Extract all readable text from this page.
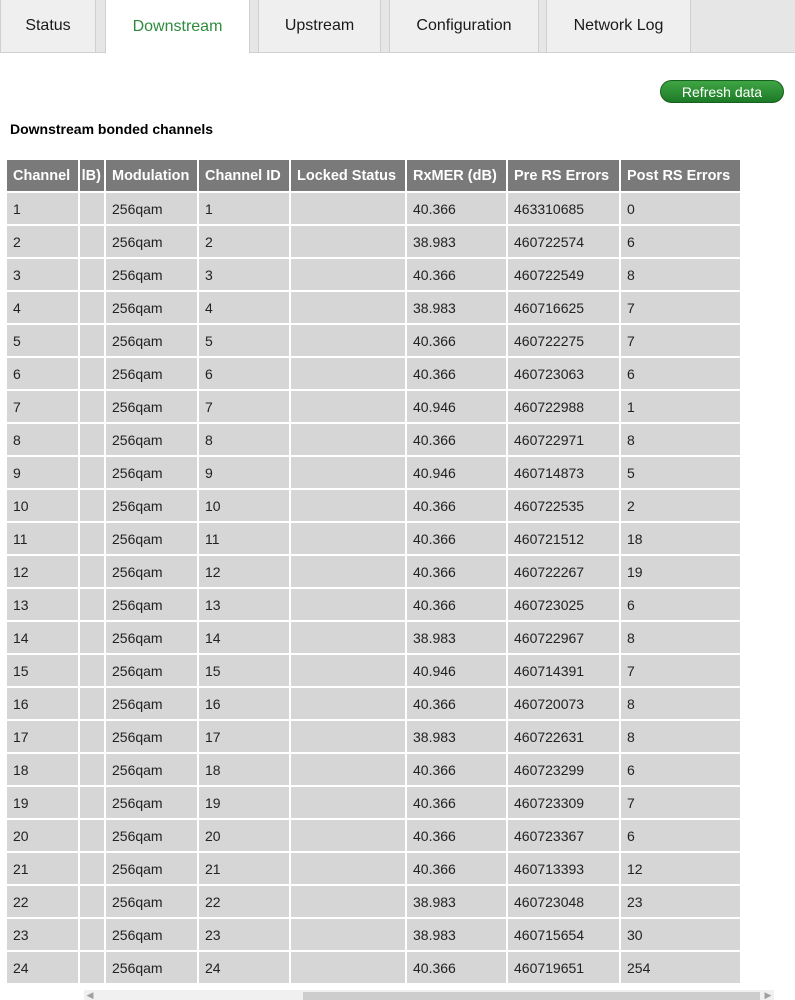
Status	Downstream	Upstream	Configuration	Network Log
Refresh data
Downstream bonded channels
Channel	lB)	Modulation	Channel ID	Locked Status	RxMER (dB)	Pre RS Errors	Post RS Errors
1		256qam	1		40.366	463310685	0
2		256qam	2		38.983	460722574	6
3		256qam	3		40.366	460722549	8
4		256qam	4		38.983	460716625	7
5		256qam	5		40.366	460722275	7
6		256qam	6		40.366	460723063	6
7		256qam	7		40.946	460722988	1
8		256qam	8		40.366	460722971	8
9		256qam	9		40.946	460714873	5
10		256qam	10		40.366	460722535	2
11		256qam	11		40.366	460721512	18
12		256qam	12		40.366	460722267	19
13		256qam	13		40.366	460723025	6
14		256qam	14		38.983	460722967	8
15		256qam	15		40.946	460714391	7
16		256qam	16		40.366	460720073	8
17		256qam	17		38.983	460722631	8
18		256qam	18		40.366	460723299	6
19		256qam	19		40.366	460723309	7
20		256qam	20		40.366	460723367	6
21		256qam	21		40.366	460713393	12
22		256qam	22		38.983	460723048	23
23		256qam	23		38.983	460715654	30
24		256qam	24		40.366	460719651	254
◀	▶
